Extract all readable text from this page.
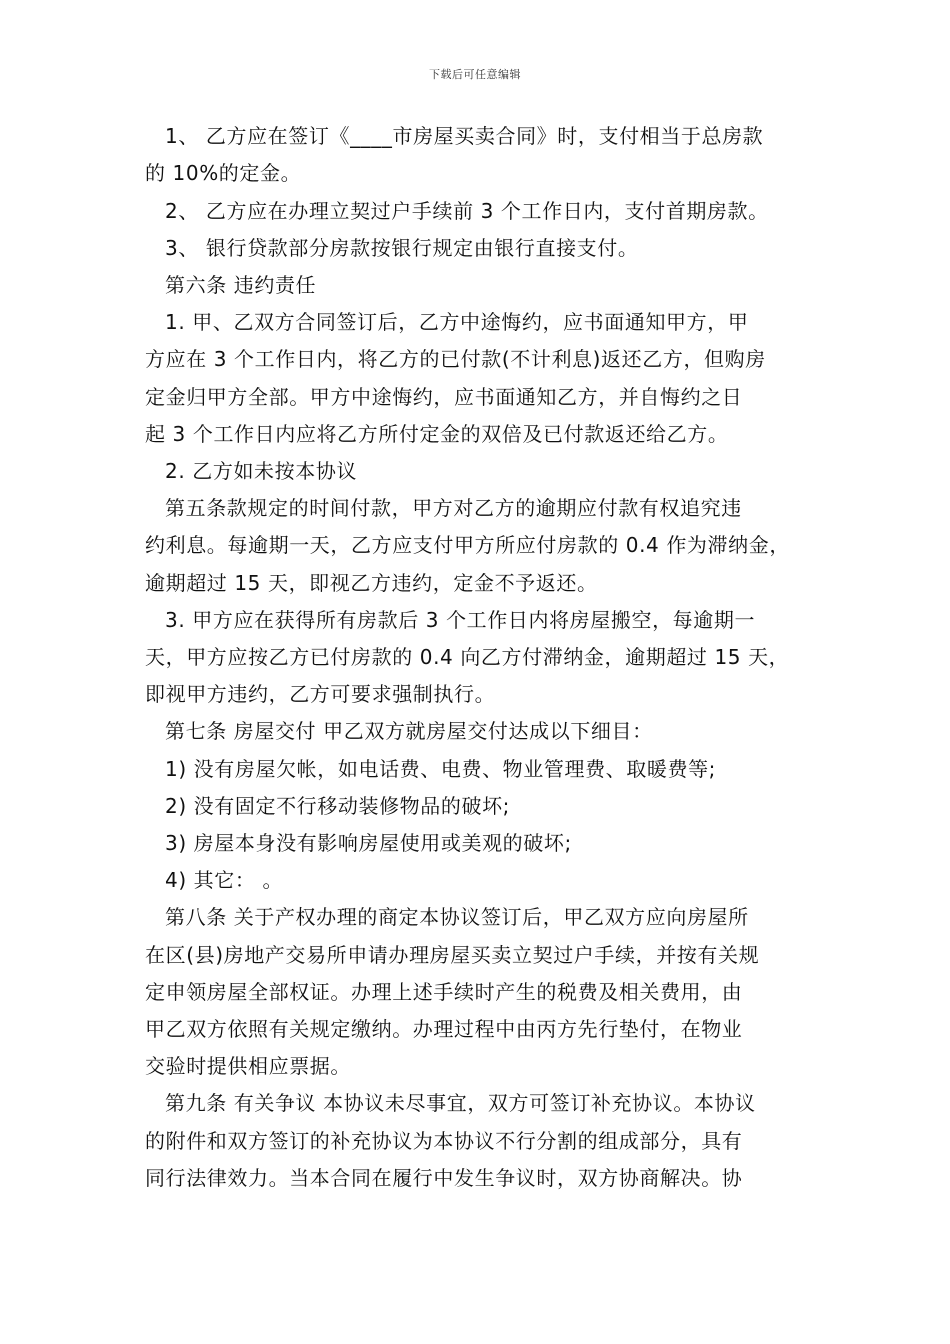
下载后可任意编辑
1、 乙方应在签订《____市房屋买卖合同》时，支付相当于总房款
的 10%的定金。
2、 乙方应在办理立契过户手续前 3 个工作日内，支付首期房款。
3、 银行贷款部分房款按银行规定由银行直接支付。
第六条 违约责任
1. 甲、乙双方合同签订后，乙方中途悔约，应书面通知甲方，甲
方应在 3 个工作日内，将乙方的已付款(不计利息)返还乙方，但购房
定金归甲方全部。甲方中途悔约，应书面通知乙方，并自悔约之日
起 3 个工作日内应将乙方所付定金的双倍及已付款返还给乙方。
2. 乙方如未按本协议
第五条款规定的时间付款，甲方对乙方的逾期应付款有权追究违
约利息。每逾期一天，乙方应支付甲方所应付房款的 0.4 作为滞纳金，
逾期超过 15 天，即视乙方违约，定金不予返还。
3. 甲方应在获得所有房款后 3 个工作日内将房屋搬空，每逾期一
天，甲方应按乙方已付房款的 0.4 向乙方付滞纳金，逾期超过 15 天，
即视甲方违约，乙方可要求强制执行。
第七条 房屋交付 甲乙双方就房屋交付达成以下细目：
1) 没有房屋欠帐，如电话费、电费、物业管理费、取暖费等;
2) 没有固定不行移动装修物品的破坏;
3) 房屋本身没有影响房屋使用或美观的破坏;
4) 其它： 。
第八条 关于产权办理的商定本协议签订后，甲乙双方应向房屋所
在区(县)房地产交易所申请办理房屋买卖立契过户手续，并按有关规
定申领房屋全部权证。办理上述手续时产生的税费及相关费用，由
甲乙双方依照有关规定缴纳。办理过程中由丙方先行垫付，在物业
交验时提供相应票据。
第九条 有关争议 本协议未尽事宜，双方可签订补充协议。本协议
的附件和双方签订的补充协议为本协议不行分割的组成部分，具有
同行法律效力。当本合同在履行中发生争议时，双方协商解决。协
